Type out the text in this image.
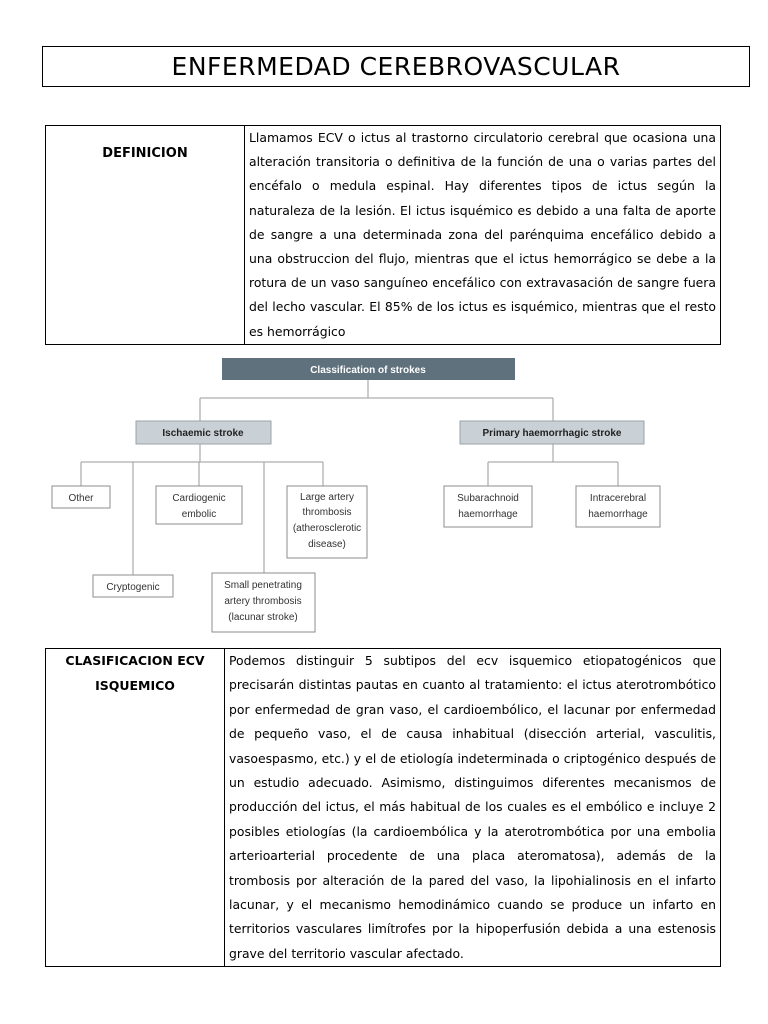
ENFERMEDAD CEREBROVASCULAR
DEFINICION	Llamamos ECV o ictus al trastorno circulatorio cerebral que ocasiona una alteración transitoria o definitiva de la función de una o varias partes del encéfalo o medula espinal. Hay diferentes tipos de ictus según la naturaleza de la lesión. El ictus isquémico es debido a una falta de aporte de sangre a una determinada zona del parénquima encefálico debido a una obstruccion del flujo, mientras que el ictus hemorrágico se debe a la rotura de un vaso sanguíneo encefálico con extravasación de sangre fuera del lecho vascular. El 85% de los ictus es isquémico, mientras que el resto es hemorrágico
Classification of strokes
Ischaemic stroke	Primary haemorrhagic stroke
Other	Cardiogenic
embolic
Large artery
thrombosis
(atherosclerotic
disease)
Cryptogenic	Small penetrating
artery thrombosis
(lacunar stroke)
Subarachnoid
haemorrhage
Intracerebral
haemorrhage
CLASIFICACION ECV ISQUEMICO	Podemos distinguir 5 subtipos del ecv isquemico etiopatogénicos que precisarán distintas pautas en cuanto al tratamiento: el ictus aterotrombótico por enfermedad de gran vaso, el cardioembólico, el lacunar por enfermedad de pequeño vaso, el de causa inhabitual (disección arterial, vasculitis, vasoespasmo, etc.) y el de etiología indeterminada o criptogénico después de un estudio adecuado. Asimismo, distinguimos diferentes mecanismos de producción del ictus, el más habitual de los cuales es el embólico e incluye 2 posibles etiologías (la cardioembólica y la aterotrombótica por una embolia arterioarterial procedente de una placa ateromatosa), además de la trombosis por alteración de la pared del vaso, la lipohialinosis en el infarto lacunar, y el mecanismo hemodinámico cuando se produce un infarto en territorios vasculares limítrofes por la hipoperfusión debida a una estenosis grave del territorio vascular afectado.
